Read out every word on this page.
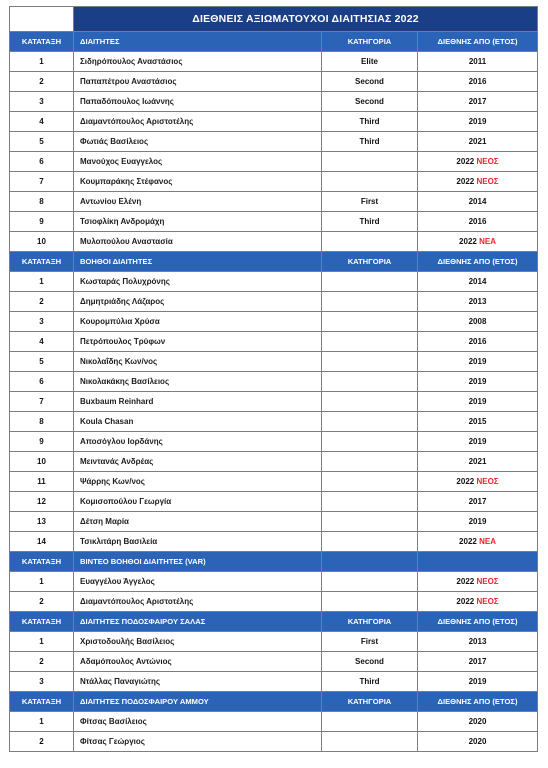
	ΔΙΕΘΝΕΙΣ ΑΞΙΩΜΑΤΟΥΧΟΙ ΔΙΑΙΤΗΣΙΑΣ 2022		
ΚΑΤΑΤΑΞΗ	ΔΙΑΙΤΗΤΕΣ	ΚΑΤΗΓΟΡΙΑ	ΔΙΕΘΝΗΣ ΑΠΟ (ΕΤΟΣ)
1	Σιδηρόπουλος Αναστάσιος	Elite	2011
2	Παπαπέτρου Αναστάσιος	Second	2016
3	Παπαδόπουλος Ιωάννης	Second	2017
4	Διαμαντόπουλος Αριστοτέλης	Third	2019
5	Φωτιάς Βασίλειος	Third	2021
6	Μανούχος Ευαγγελος		2022 ΝΕΟΣ
7	Κουμπαράκης Στέφανος		2022 ΝΕΟΣ
8	Αντωνίου Ελένη	First	2014
9	Τσιοφλίκη Ανδρομάχη	Third	2016
10	Μυλοπούλου Αναστασία		2022 ΝΕΑ
ΚΑΤΑΤΑΞΗ	ΒΟΗΘΟΙ ΔΙΑΙΤΗΤΕΣ	ΚΑΤΗΓΟΡΙΑ	ΔΙΕΘΝΗΣ ΑΠΟ (ΕΤΟΣ)
1	Κωσταράς Πολυχρόνης		2014
2	Δημητριάδης Λάζαρος		2013
3	Κουρομπύλια Χρύσα		2008
4	Πετρόπουλος Τρύφων		2016
5	Νικολαΐδης Κων/νος		2019
6	Νικολακάκης Βασίλειος		2019
7	Buxbaum Reinhard		2019
8	Koula Chasan		2015
9	Αποσόγλου Ιορδάνης		2019
10	Μειντανάς Ανδρέας		2021
11	Ψάρρης Κων/νος		2022 ΝΕΟΣ
12	Κομισοπούλου Γεωργία		2017
13	Δέτση Μαρία		2019
14	Τσικλιτάρη Βασιλεία		2022 ΝΕΑ
ΚΑΤΑΤΑΞΗ	ΒΙΝΤΕΟ ΒΟΗΘΟΙ ΔΙΑΙΤΗΤΕΣ (VAR)		
1	Ευαγγέλου Άγγελος		2022 ΝΕΟΣ
2	Διαμαντόπουλος Αριστοτέλης		2022 ΝΕΟΣ
ΚΑΤΑΤΑΞΗ	ΔΙΑΙΤΗΤΕΣ ΠΟΔΟΣΦΑΙΡΟΥ ΣΑΛΑΣ	ΚΑΤΗΓΟΡΙΑ	ΔΙΕΘΝΗΣ ΑΠΟ (ΕΤΟΣ)
1	Χριστοδουλής Βασίλειος	First	2013
2	Αδαμόπουλος Αντώνιος	Second	2017
3	Ντάλλας Παναγιώτης	Third	2019
ΚΑΤΑΤΑΞΗ	ΔΙΑΙΤΗΤΕΣ ΠΟΔΟΣΦΑΙΡΟΥ ΑΜΜΟΥ	ΚΑΤΗΓΟΡΙΑ	ΔΙΕΘΝΗΣ ΑΠΟ (ΕΤΟΣ)
1	Φίτσας Βασίλειος		2020
2	Φίτσας Γεώργιος		2020
